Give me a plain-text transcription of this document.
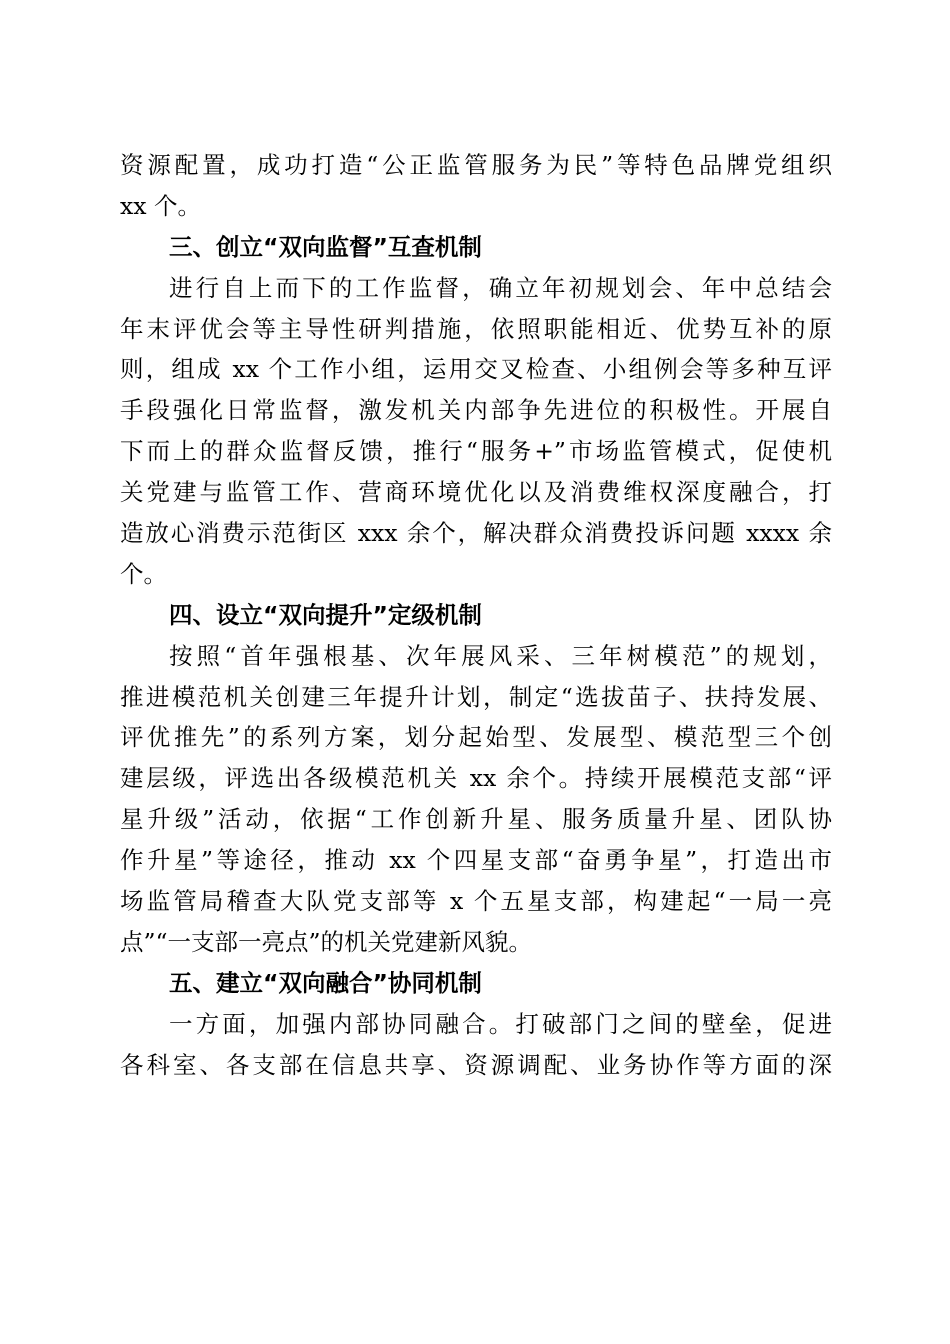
资源配置，成功打造“公正监管服务为民”等特色品牌党组织
xx 个。
三、创立“双向监督”互查机制
进行自上而下的工作监督，确立年初规划会、年中总结会
年末评优会等主导性研判措施，依照职能相近、优势互补的原
则，组成 xx 个工作小组，运用交叉检查、小组例会等多种互评
手段强化日常监督，激发机关内部争先进位的积极性。开展自
下而上的群众监督反馈，推行“服务+”市场监管模式，促使机
关党建与监管工作、营商环境优化以及消费维权深度融合，打
造放心消费示范街区 xxx 余个，解决群众消费投诉问题 xxxx 余
个。
四、设立“双向提升”定级机制
按照“首年强根基、次年展风采、三年树模范”的规划，
推进模范机关创建三年提升计划，制定“选拔苗子、扶持发展、
评优推先”的系列方案，划分起始型、发展型、模范型三个创
建层级，评选出各级模范机关 xx 余个。持续开展模范支部“评
星升级”活动，依据“工作创新升星、服务质量升星、团队协
作升星”等途径，推动 xx 个四星支部“奋勇争星”，打造出市
场监管局稽查大队党支部等 x 个五星支部，构建起“一局一亮
点”“一支部一亮点”的机关党建新风貌。
五、建立“双向融合”协同机制
一方面，加强内部协同融合。打破部门之间的壁垒，促进
各科室、各支部在信息共享、资源调配、业务协作等方面的深
